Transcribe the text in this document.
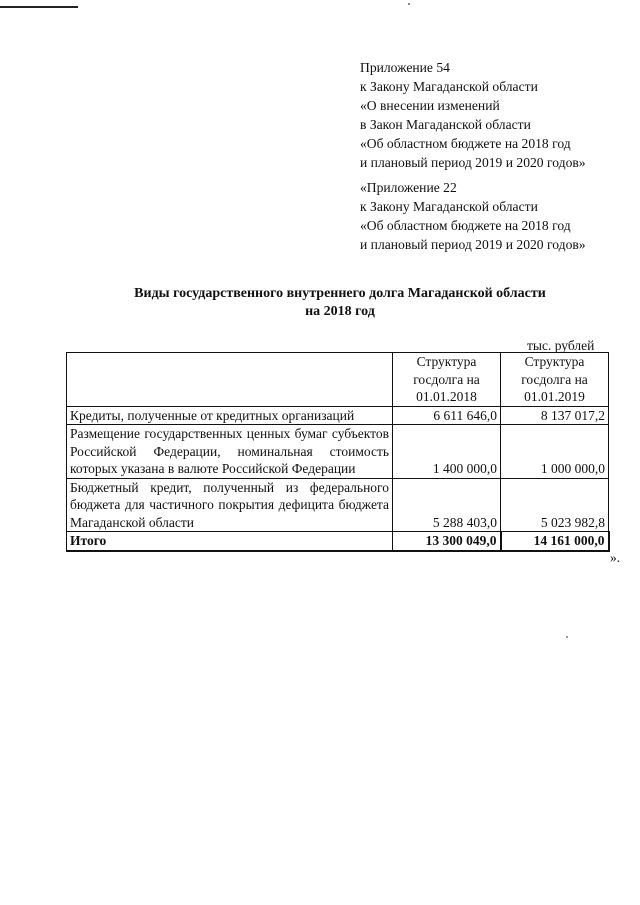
Приложение 54
к Закону Магаданской области
«О внесении изменений
в Закон Магаданской области
«Об областном бюджете на 2018 год
и плановый период 2019 и 2020 годов»
«Приложение 22
к Закону Магаданской области
«Об областном бюджете на 2018 год
и плановый период 2019 и 2020 годов»
Виды государственного внутреннего долга Магаданской области
на 2018 год
тыс. рублей
	Структура госдолга на 01.01.2018	Структура госдолга на 01.01.2019
Кредиты, полученные от кредитных организаций	6 611 646,0	8 137 017,2
Размещение государственных ценных бумаг субъектов Российской Федерации, номинальная стоимость которых указана в валюте Российской Федерации	1 400 000,0	1 000 000,0
Бюджетный кредит, полученный из федерального бюджета для частичного покрытия дефицита бюджета Магаданской области	5 288 403,0	5 023 982,8
Итого	13 300 049,0	14 161 000,0
».
